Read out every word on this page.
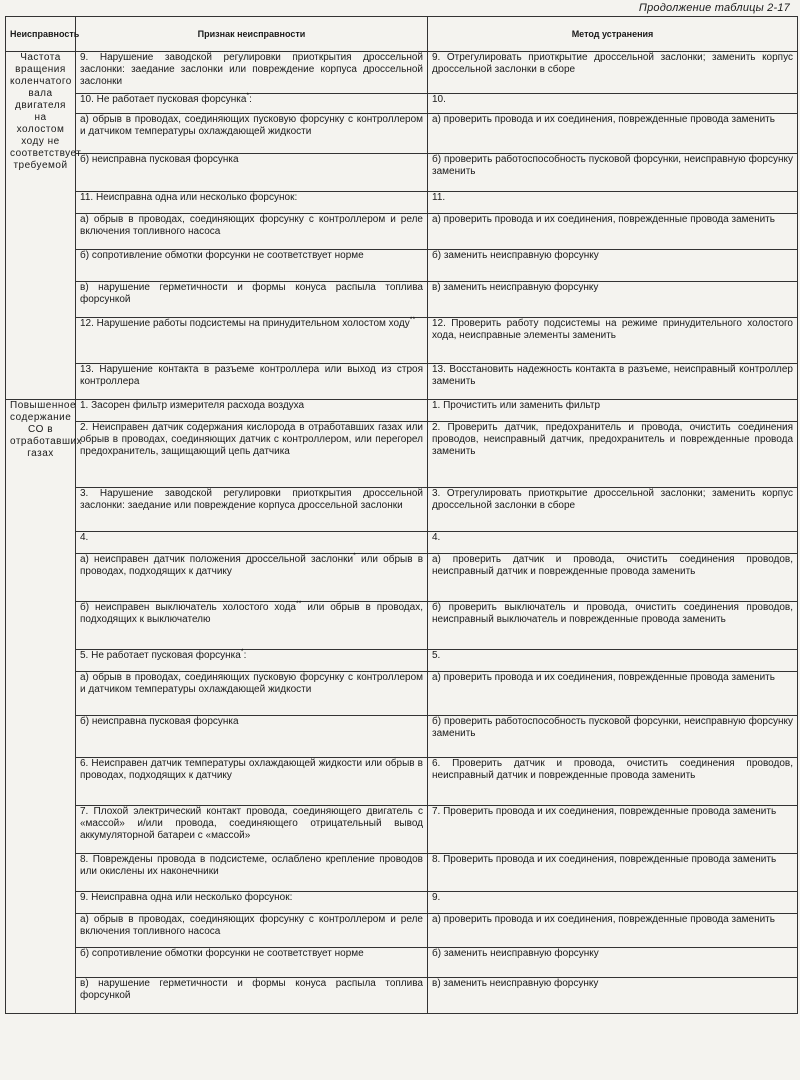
Продолжение таблицы 2-17
Неисправность	Признак неисправности	Метод устранения
Частота вращения коленчатого вала двигателя на холостом ходу не соответствует требуемой	9. Нарушение заводской регулировки приоткрытия дроссельной заслонки: заедание заслонки или повреждение корпуса дроссельной заслонки	9. Отрегулировать приоткрытие дроссельной заслонки; заменить корпус дроссельной заслонки в сборе
	10. Не работает пусковая форсунка*:	10.
	а) обрыв в проводах, соединяющих пусковую форсунку с контроллером и датчиком температуры охлаждающей жидкости	а) проверить провода и их соединения, поврежденные провода заменить
	б) неисправна пусковая форсунка	б) проверить работоспособность пусковой форсунки, неисправную форсунку заменить
	11. Неисправна одна или несколько форсунок:	11.
	а) обрыв в проводах, соединяющих форсунку с контроллером и реле включения топливного насоса	а) проверить провода и их соединения, поврежденные провода заменить
	б) сопротивление обмотки форсунки не соответствует норме	б) заменить неисправную форсунку
	в) нарушение герметичности и формы конуса распыла топлива форсункой	в) заменить неисправную форсунку
	12. Нарушение работы подсистемы на принудительном холостом ходу**	12. Проверить работу подсистемы на режиме принудительного холостого хода, неисправные элементы заменить
	13. Нарушение контакта в разъеме контроллера или выход из строя контроллера	13. Восстановить надежность контакта в разъеме, неисправный контроллер заменить
Повышенное содержание CO в отработавших газах	1. Засорен фильтр измерителя расхода воздуха	1. Прочистить или заменить фильтр
	2. Неисправен датчик содержания кислорода в отработавших газах или обрыв в проводах, соединяющих датчик с контроллером, или перегорел предохранитель, защищающий цепь датчика	2. Проверить датчик, предохранитель и провода, очистить соединения проводов, неисправный датчик, предохранитель и поврежденные провода заменить
	3. Нарушение заводской регулировки приоткрытия дроссельной заслонки: заедание или повреждение корпуса дроссельной заслонки	3. Отрегулировать приоткрытие дроссельной заслонки; заменить корпус дроссельной заслонки в сборе
	4.	4.
	а) неисправен датчик положения дроссельной заслонки* или обрыв в проводах, подходящих к датчику	а) проверить датчик и провода, очистить соединения проводов, неисправный датчик и поврежденные провода заменить
	б) неисправен выключатель холостого хода** или обрыв в проводах, подходящих к выключателю	б) проверить выключатель и провода, очистить соединения проводов, неисправный выключатель и поврежденные провода заменить
	5. Не работает пусковая форсунка*:	5.
	а) обрыв в проводах, соединяющих пусковую форсунку с контроллером и датчиком температуры охлаждающей жидкости	а) проверить провода и их соединения, поврежденные провода заменить
	б) неисправна пусковая форсунка	б) проверить работоспособность пусковой форсунки, неисправную форсунку заменить
	6. Неисправен датчик температуры охлаждающей жидкости или обрыв в проводах, подходящих к датчику	6. Проверить датчик и провода, очистить соединения проводов, неисправный датчик и поврежденные провода заменить
	7. Плохой электрический контакт провода, соединяющего двигатель с «массой» и/или провода, соединяющего отрицательный вывод аккумуляторной батареи с «массой»	7. Проверить провода и их соединения, поврежденные провода заменить
	8. Повреждены провода в подсистеме, ослаблено крепление проводов или окислены их наконечники	8. Проверить провода и их соединения, поврежденные провода заменить
	9. Неисправна одна или несколько форсунок:	9.
	а) обрыв в проводах, соединяющих форсунку с контроллером и реле включения топливного насоса	а) проверить провода и их соединения, поврежденные провода заменить
	б) сопротивление обмотки форсунки не соответствует норме	б) заменить неисправную форсунку
	в) нарушение герметичности и формы конуса распыла топлива форсункой	в) заменить неисправную форсунку
